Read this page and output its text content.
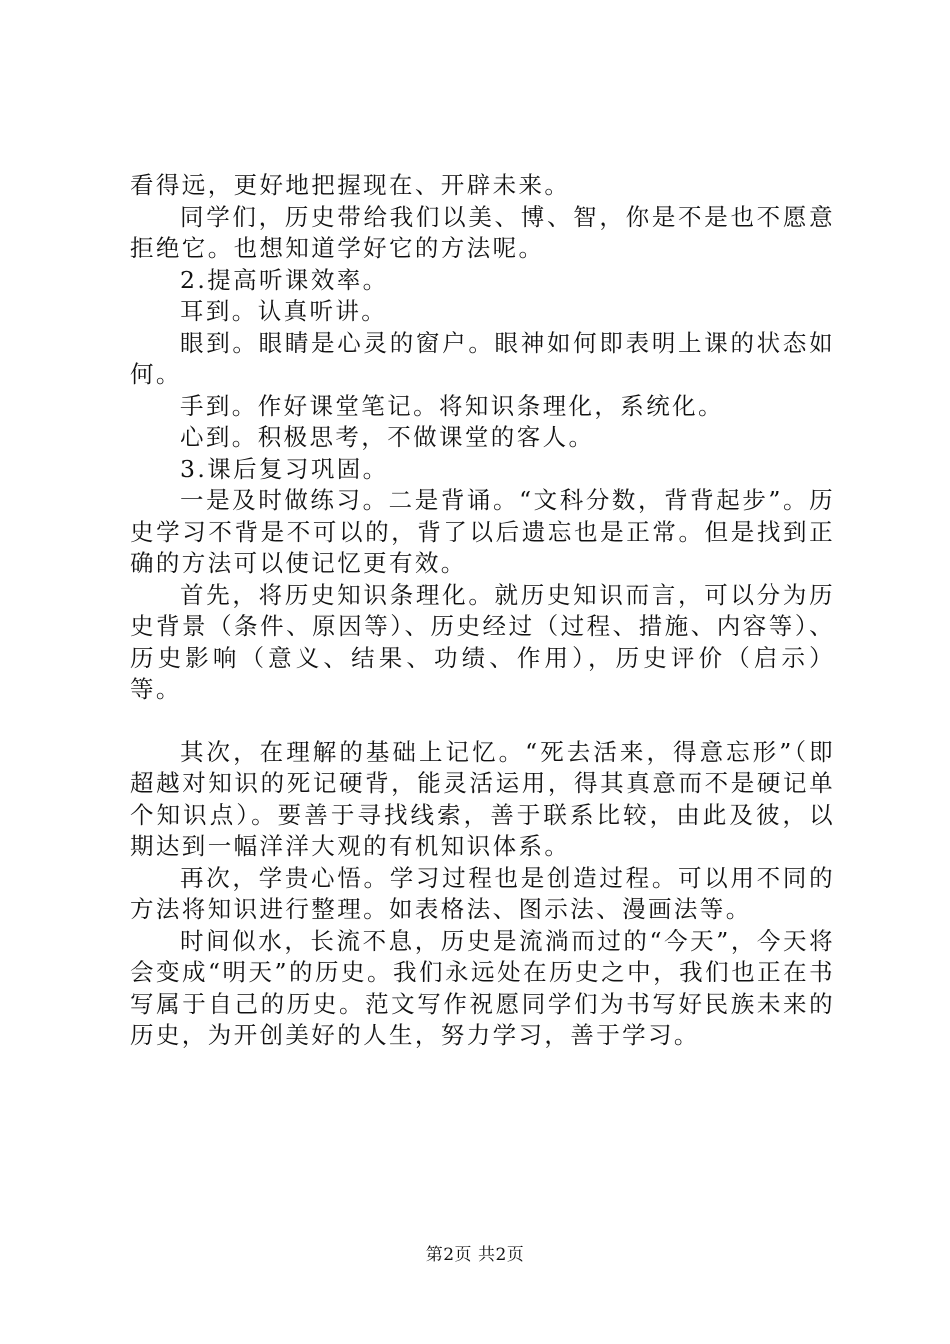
看得远，更好地把握现在、开辟未来。

同学们，历史带给我们以美、博、智，你是不是也不愿意拒绝它。也想知道学好它的方法呢。

2.提高听课效率。

耳到。认真听讲。

眼到。眼睛是心灵的窗户。眼神如何即表明上课的状态如何。

手到。作好课堂笔记。将知识条理化，系统化。

心到。积极思考，不做课堂的客人。

3.课后复习巩固。

一是及时做练习。二是背诵。“文科分数，背背起步”。历史学习不背是不可以的，背了以后遗忘也是正常。但是找到正确的方法可以使记忆更有效。

首先，将历史知识条理化。就历史知识而言，可以分为历史背景（条件、原因等）、历史经过（过程、措施、内容等）、历史影响（意义、结果、功绩、作用），历史评价（启示）等。

其次，在理解的基础上记忆。“死去活来，得意忘形”（即超越对知识的死记硬背，能灵活运用，得其真意而不是硬记单个知识点）。要善于寻找线索，善于联系比较，由此及彼，以期达到一幅洋洋大观的有机知识体系。

再次，学贵心悟。学习过程也是创造过程。可以用不同的方法将知识进行整理。如表格法、图示法、漫画法等。

时间似水，长流不息，历史是流淌而过的“今天”，今天将会变成“明天”的历史。我们永远处在历史之中，我们也正在书写属于自己的历史。范文写作祝愿同学们为书写好民族未来的历史，为开创美好的人生，努力学习，善于学习。

第2页 共2页
